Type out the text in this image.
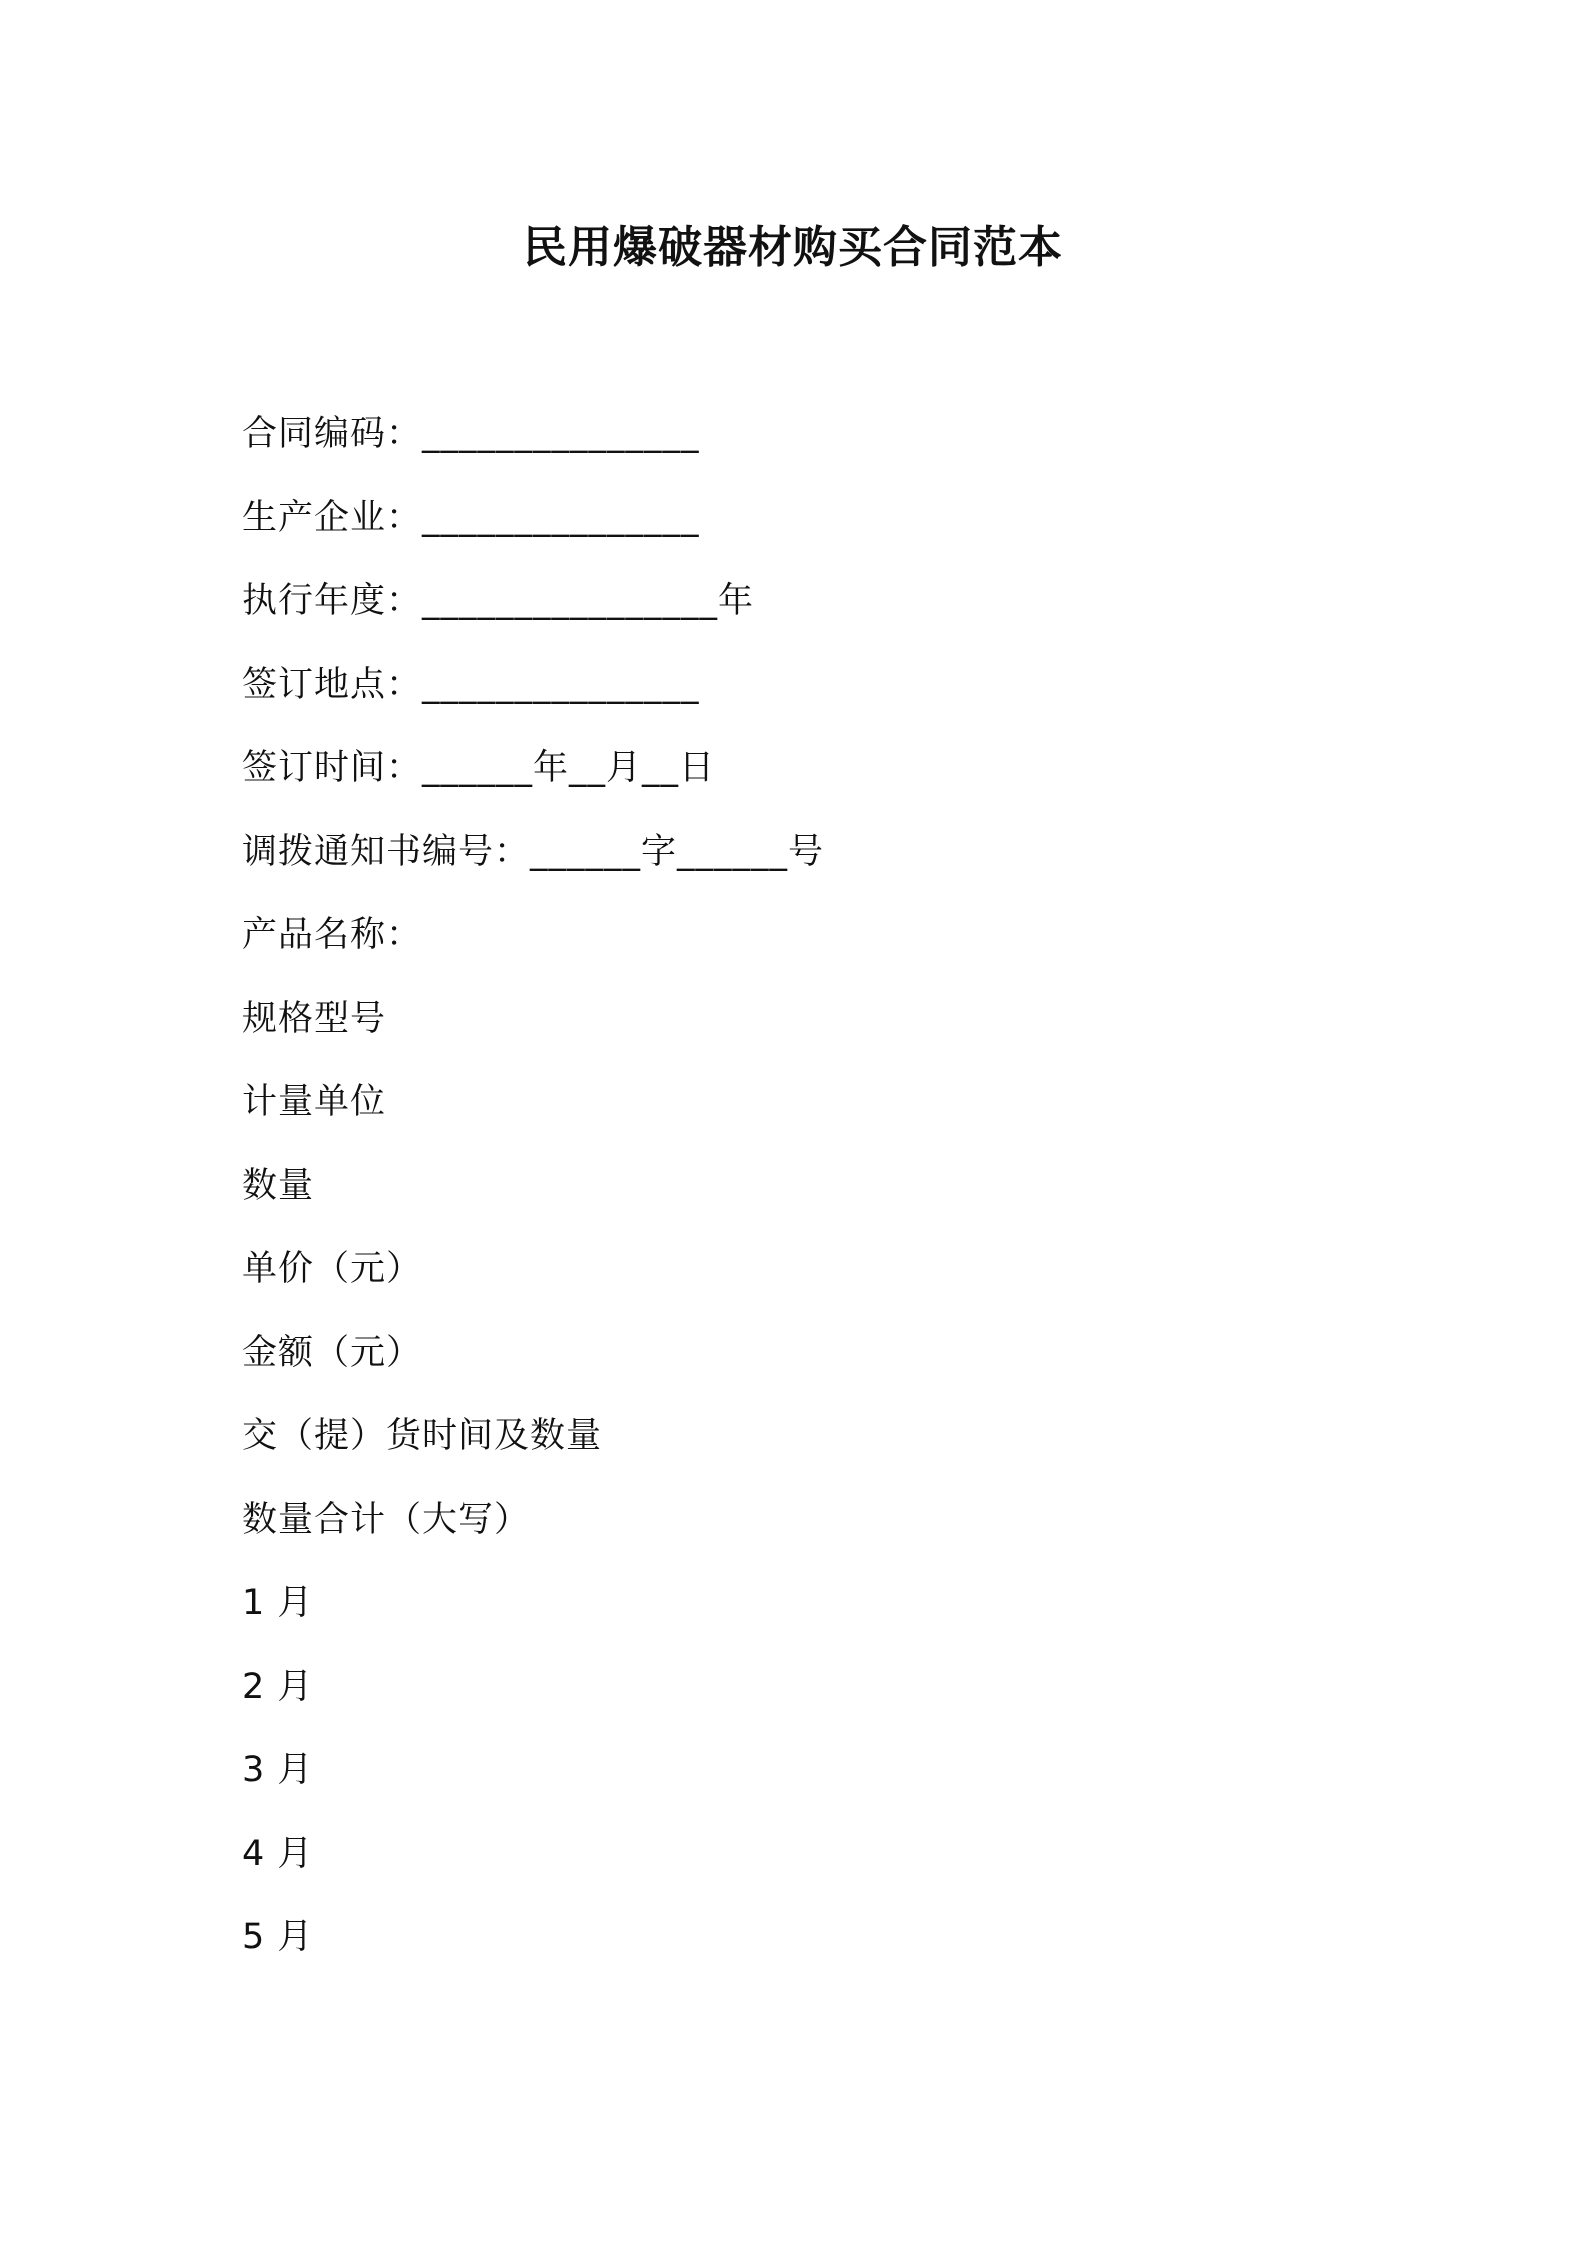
民用爆破器材购买合同范本
合同编码：_______________
生产企业：_______________
执行年度：________________年
签订地点：_______________
签订时间：______年__月__日
调拨通知书编号：______字______号
产品名称：
规格型号
计量单位
数量
单价（元）
金额（元）
交（提）货时间及数量
数量合计（大写）
1 月
2 月
3 月
4 月
5 月
